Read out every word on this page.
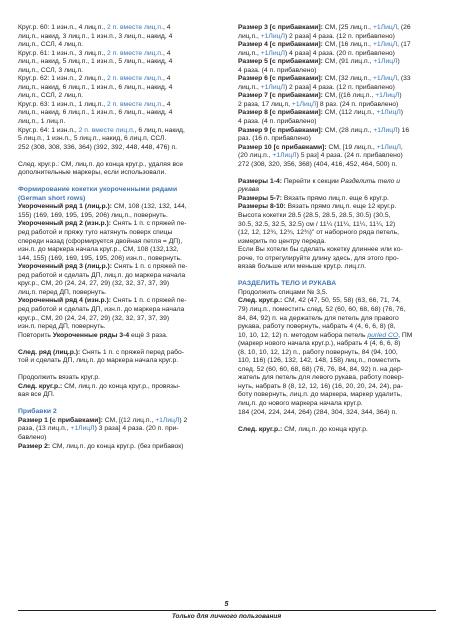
Круг.р. 60: 1 изн.п., 4 лиц.п., 2 п. вместе лиц.п., 4

лиц.п., накид, 3 лиц.п., 1 изн.п., 3 лиц.п., накид, 4

лиц.п., ССЛ, 4 лиц.п.

Круг.р. 61: 1 изн.п., 3 лиц.п., 2 п. вместе лиц.п., 4

лиц.п., накид, 5 лиц.п., 1 изн.п., 5 лиц.п., накид, 4

лиц.п., ССЛ, 3 лиц.п.

Круг.р. 62: 1 изн.п., 2 лиц.п., 2 п. вместе лиц.п., 4

лиц.п., накид, 6 лиц.п., 1 изн.п., 6 лиц.п., накид, 4

лиц.п., ССЛ, 2 лиц.п.

Круг.р. 63: 1 изн.п., 1 лиц.п., 2 п. вместе лиц.п., 4

лиц.п., накид, 6 лиц.п., 1 изн.п., 6 лиц.п., накид, 4

лиц.п., 1 лиц.п.

Круг.р. 64: 1 изн.п., 2 п. вместе лиц.п., 6 лиц.п, накид,

5 лиц.п., 1 изн.п., 5 лиц.п., накид, 6 лиц.п, ССЛ.

252 (308, 308, 336, 364) (392, 392, 448, 448, 476) п.

След. круг.р.: СМ, лиц.п. до конца круг.р., удаляя все

дополнительные маркеры, если использовали.

Формирование кокетки укороченными рядами

(German short rows)

Укороченный ряд 1 (лиц.р.): СМ, 108 (132, 132, 144,

155) (169, 169, 195, 195, 206) лиц.п., повернуть.

Укороченный ряд 2 (изн.р.): Снять 1 п. с пряжей пе-

ред работой и пряжу туго натянуть поверх спицы

спереди назад (сформируется двойная петля = ДП),

изн.п. до маркера начала круг.р., СМ, 108 (132,132,

144, 155) (169, 169, 195, 195, 206) изн.п., повернуть.

Укороченный ряд 3 (лиц.р.): Снять 1 п. с пряжей пе-

ред работой и сделать ДП, лиц.п. до маркера начала

круг.р., СМ, 20 (24, 24, 27, 29) (32, 32, 37, 37, 39)

лиц.п. перед ДП, повернуть.

Укороченный ряд 4 (изн.р.): Снять 1 п. с пряжей пе-

ред работой и сделать ДП, изн.п. до маркера начала

круг.р., СМ, 20 (24, 24, 27, 29) (32, 32, 37, 37, 39)

изн.п. перед ДП, повернуть.

Повторить Укороченные ряды 3-4 ещё 3 раза.

След. ряд (лиц.р.): Снять 1 п. с пряжей перед рабо-

той и сделать ДП, лиц.п. до маркера начала круг.р.

Продолжить вязать круг.р.

След. круг.р.: СМ, лиц.п. до конца круг.р., провязы-

вая все ДП.

Прибавки 2

Размер 1 [с прибавками]: СМ, [(12 лиц.п., +1ЛицЛ) 2

раза, (13 лиц.п., +1ЛицЛ) 3 раза] 4 раза. (20 п. при-

бавлено)

Размер 2: СМ, лиц.п. до конца круг.р. (без прибавок)

Размер 3 [с прибавками]: СМ, [25 лиц.п., +1ЛицЛ, (26

лиц.п., +1ЛицЛ) 2 раза] 4 раза. (12 п. прибавлено)

Размер 4 [с прибавками]: СМ, [16 лиц.п., +1ЛицЛ, (17

лиц.п., +1ЛицЛ) 4 раза] 4 раза. (20 п. прибавлено)

Размер 5 [с прибавками]: СМ, (91 лиц.п., +1ЛицЛ)

4 раза. (4 п. прибавлено)

Размер 6 [с прибавками]: СМ, [32 лиц.п., +1ЛицЛ, (33

лиц.п., +1ЛицЛ) 2 раза] 4 раза. (12 п. прибавлено)

Размер 7 [с прибавками]: СМ, [(16 лиц.п., +1ЛицЛ)

2 раза, 17 лиц.п, +1ЛицЛ] 8 раз. (24 п. прибавлено)

Размер 8 [с прибавками]: СМ, (112 лиц.п., +1ЛицЛ)

4 раза. (4 п. прибавлено)

Размер 9 [с прибавками]: СМ, (28 лиц.п., +1ЛицЛ) 16

раз. (16 п. прибавлено)

Размер 10 [с прибавками]: СМ, [19 лиц.п., +1ЛицЛ,

(20 лиц.п., +1ЛицЛ) 5 раз] 4 раза. (24 п. прибавлено)

272 (308, 320, 356, 368) (404, 416, 452, 464, 500) п.

Размеры 1-4: Перейти к секции Разделить тело и

рукава

Размеры 5-7: Вязать прямо лиц.п. еще 6 круг.р.

Размеры 8-10: Вязать прямо лиц.п. еще 12 круг.р.

Высота кокетки 28.5 (28.5, 28.5, 28.5, 30.5) (30.5,

30.5, 32.5, 32.5, 32.5) см / 11¼ (11¼, 11¼, 11¼, 12)

(12, 12, 12¾, 12¾, 12¾)" от наборного ряда петель,

измерить по центру переда.

Если Вы хотели бы сделать кокетку длиннее или ко-

роче, то отрегулируйте длину здесь, для этого про-

вязав больше или меньше круг.р. лиц.гл.

РАЗДЕЛИТЬ ТЕЛО И РУКАВА

Продолжить спицами № 3,5.

След. круг.р.: СМ, 42 (47, 50, 55, 58) (63, 66, 71, 74,

79) лиц.п., поместить след. 52 (60, 60, 68, 68) (76, 76,

84, 84, 92) п. на держатель для петель для правого

рукава, работу повернуть, набрать 4 (4, 6, 6, 8) (8,

10, 10, 12, 12) п. методом набора петель purled CO, ПМ

(маркер нового начала круг.р.), набрать 4 (4, 6, 6, 8)

(8, 10, 10, 12, 12) п., работу повернуть, 84 (94, 100,

110, 116) (126, 132, 142, 148, 158) лиц.п., поместить

след. 52 (60, 60, 68, 68) (76, 76, 84, 84, 92) п. на дер-

жатель для петель для левого рукава, работу повер-

нуть, набрать 8 (8, 12, 12, 16) (16, 20, 20, 24, 24), ра-

боту повернуть, лиц.п. до маркера, маркер удалить,

лиц.п. до нового маркера начала круг.р.

184 (204, 224, 244, 264) (284, 304, 324, 344, 364) п.

След. круг.р.: СМ, лиц.п. до конца круг.р.

5
Только для личного пользования
